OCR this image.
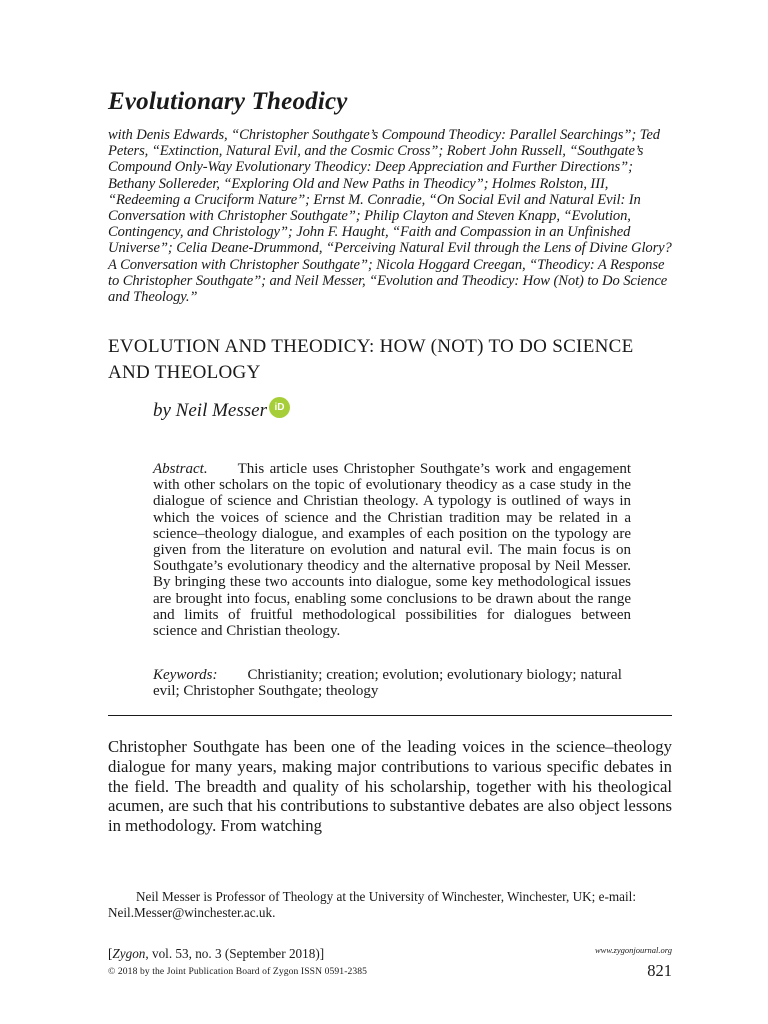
Evolutionary Theodicy

with Denis Edwards, “Christopher Southgate’s Compound Theodicy: Parallel Searchings”; Ted Peters, “Extinction, Natural Evil, and the Cosmic Cross”; Robert John Russell, “Southgate’s Compound Only-Way Evolutionary Theodicy: Deep Appreciation and Further Directions”; Bethany Sollereder, “Exploring Old and New Paths in Theodicy”; Holmes Rolston, III, “Redeeming a Cruciform Nature”; Ernst M. Conradie, “On Social Evil and Natural Evil: In Conversation with Christopher Southgate”; Philip Clayton and Steven Knapp, “Evolution, Contingency, and Christology”; John F. Haught, “Faith and Compassion in an Unfinished Universe”; Celia Deane-Drummond, “Perceiving Natural Evil through the Lens of Divine Glory? A Conversation with Christopher Southgate”; Nicola Hoggard Creegan, “Theodicy: A Response to Christopher Southgate”; and Neil Messer, “Evolution and Theodicy: How (Not) to Do Science and Theology.”

EVOLUTION AND THEODICY: HOW (NOT) TO DO SCIENCE AND THEOLOGY

by Neil Messer iD

Abstract. This article uses Christopher Southgate’s work and engagement with other scholars on the topic of evolutionary theodicy as a case study in the dialogue of science and Christian theology. A typology is outlined of ways in which the voices of science and the Christian tradition may be related in a science–theology dialogue, and examples of each position on the typology are given from the literature on evolution and natural evil. The main focus is on Southgate’s evolutionary theodicy and the alternative proposal by Neil Messer. By bringing these two accounts into dialogue, some key methodological issues are brought into focus, enabling some conclusions to be drawn about the range and limits of fruitful methodological possibilities for dialogues between science and Christian theology.

Keywords: Christianity; creation; evolution; evolutionary biology; natural evil; Christopher Southgate; theology

Christopher Southgate has been one of the leading voices in the science–theology dialogue for many years, making major contributions to various specific debates in the field. The breadth and quality of his scholarship, together with his theological acumen, are such that his contributions to substantive debates are also object lessons in methodology. From watching

Neil Messer is Professor of Theology at the University of Winchester, Winchester, UK; e-mail: Neil.Messer@winchester.ac.uk.

[Zygon, vol. 53, no. 3 (September 2018)]

© 2018 by the Joint Publication Board of Zygon ISSN 0591-2385

www.zygonjournal.org

821
